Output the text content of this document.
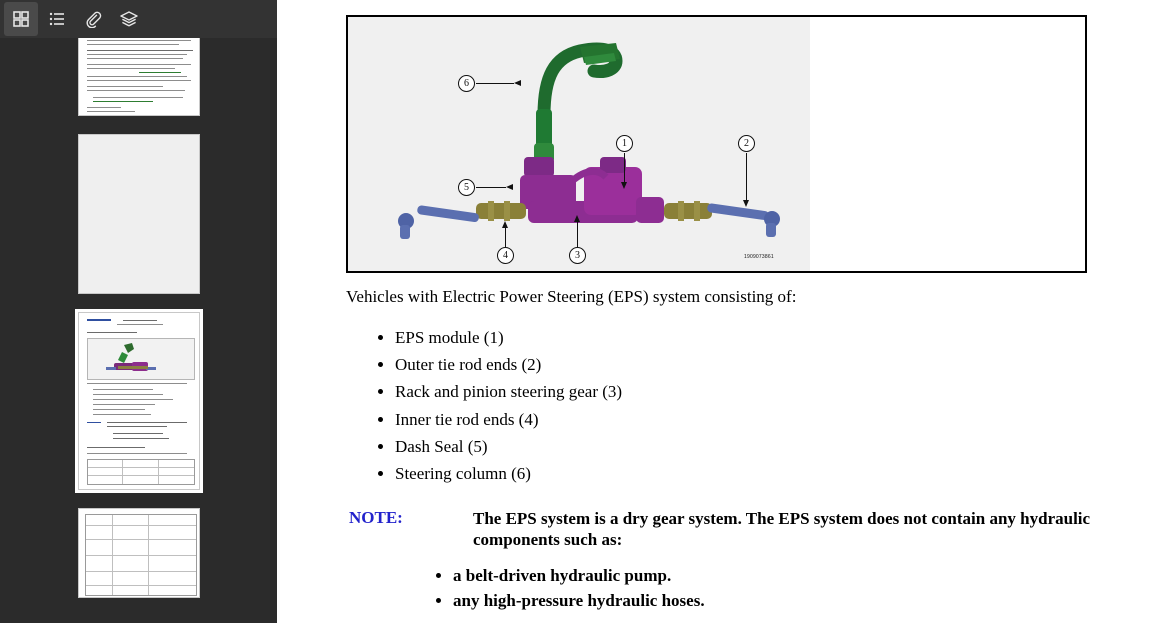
1909073861
6
5
1	2
4	3
Vehicles with Electric Power Steering (EPS) system consisting of:
• EPS module (1)
• Outer tie rod ends (2)
• Rack and pinion steering gear (3)
• Inner tie rod ends (4)
• Dash Seal (5)
• Steering column (6)
NOTE:	The EPS system is a dry gear system. The EPS system does not contain any hydraulic components such as:
• a belt-driven hydraulic pump.
• any high-pressure hydraulic hoses.
